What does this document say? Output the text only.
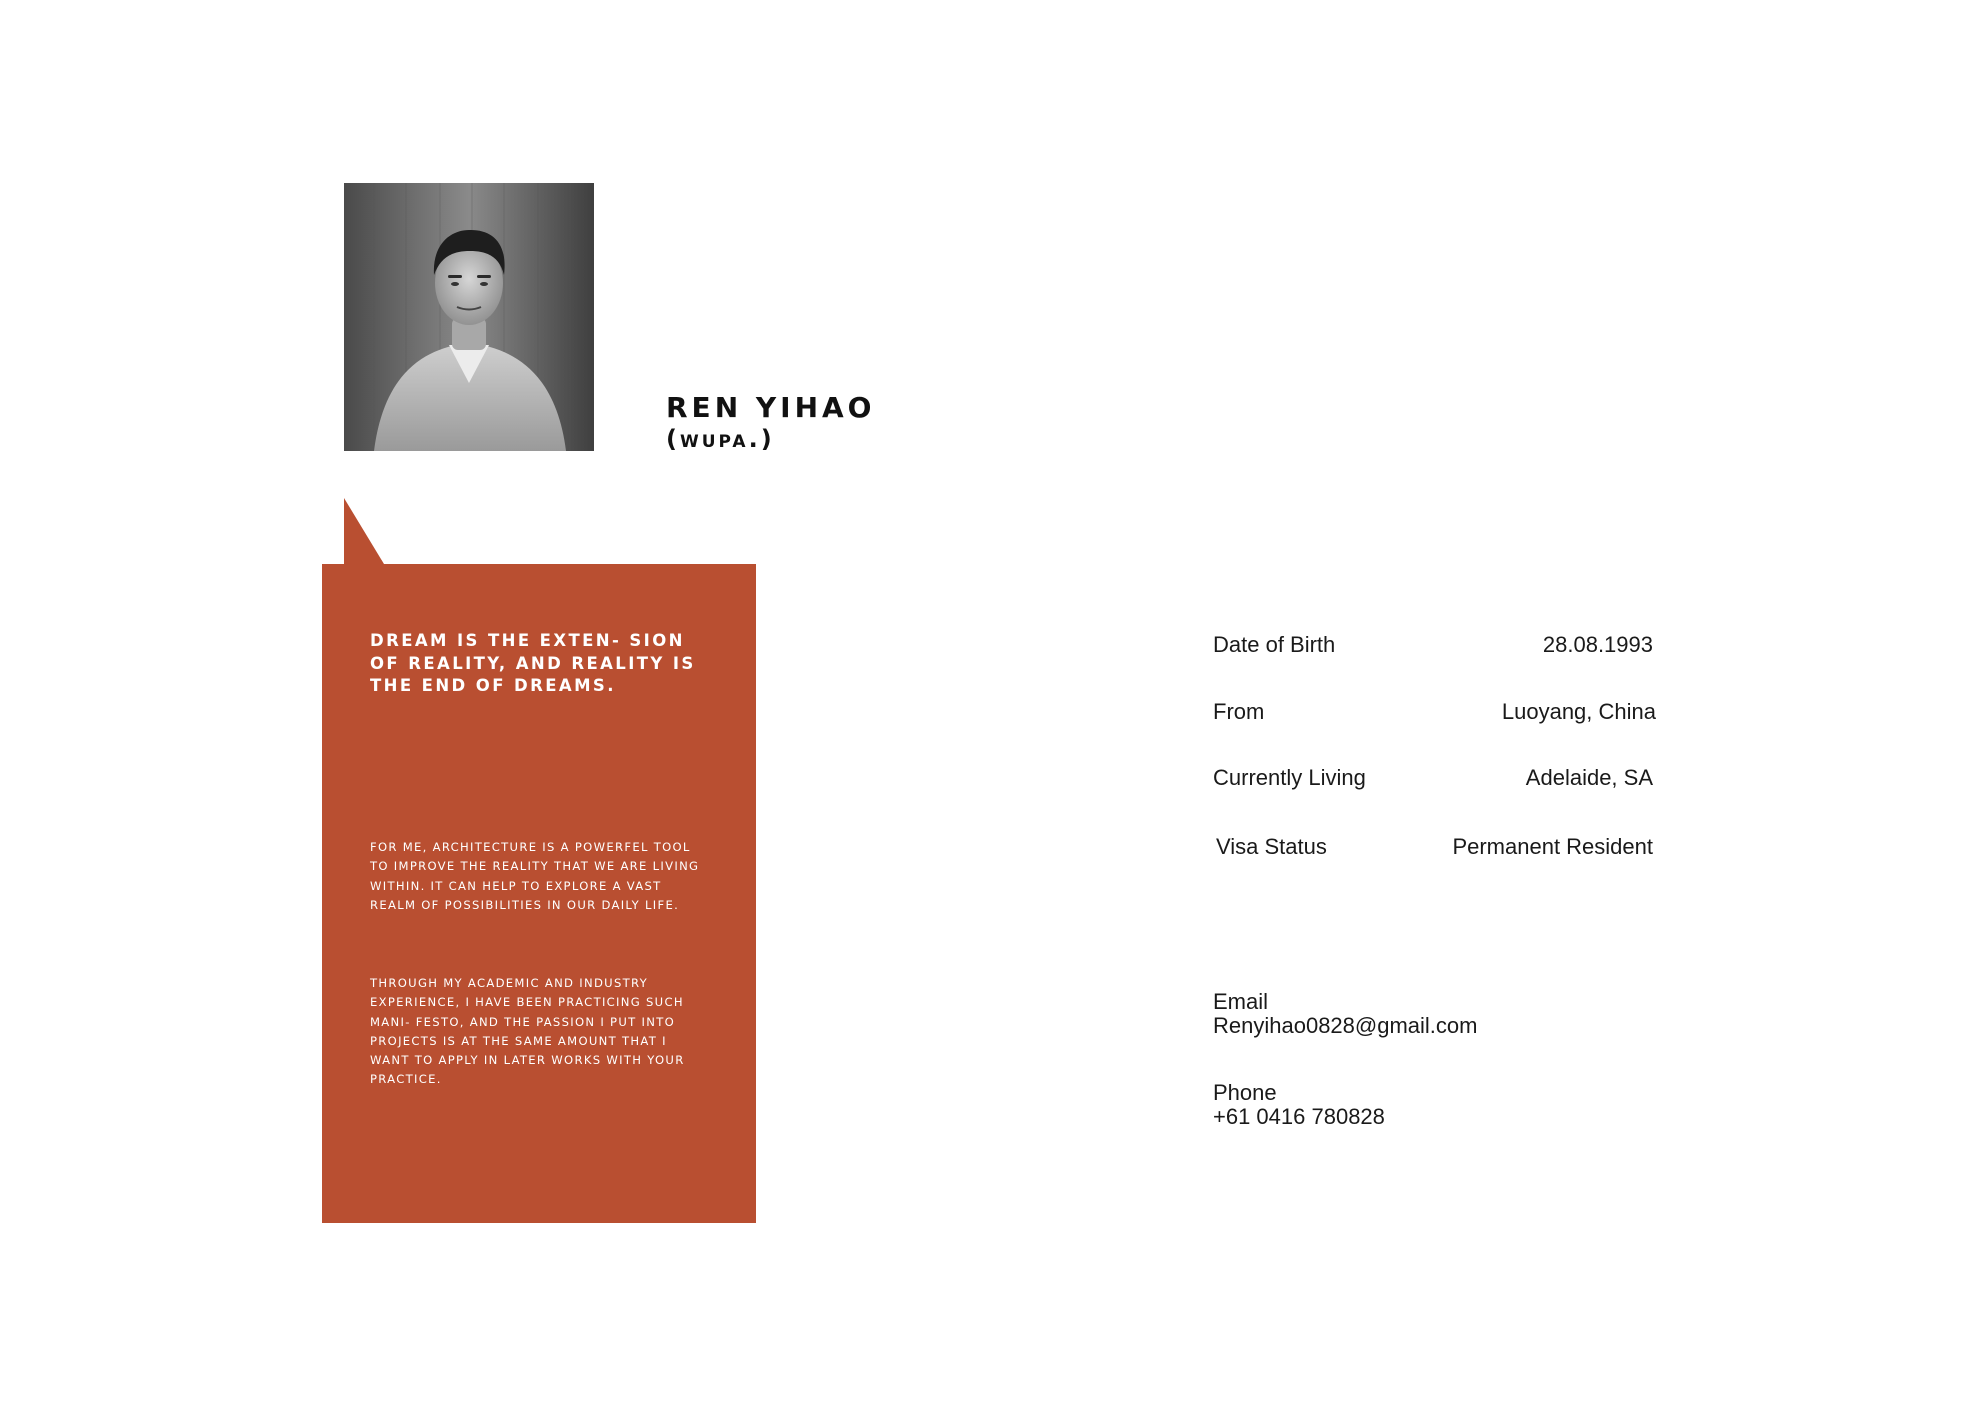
REN YIHAO
(wupa.)

DREAM IS THE EXTEN- SION OF REALITY, AND REALITY IS THE END OF DREAMS.

FOR ME, ARCHITECTURE IS A POWERFEL TOOL TO IMPROVE THE REALITY THAT WE ARE LIVING WITHIN. IT CAN HELP TO EXPLORE A VAST REALM OF POSSIBILITIES IN OUR DAILY LIFE.

THROUGH MY ACADEMIC AND INDUSTRY EXPERIENCE, I HAVE BEEN PRACTICING SUCH MANI- FESTO, AND THE PASSION I PUT INTO PROJECTS IS AT THE SAME AMOUNT THAT I WANT TO APPLY IN LATER WORKS WITH YOUR PRACTICE.

Date of Birth	28.08.1993
From	Luoyang, China
Currently Living	Adelaide, SA
Visa Status	Permanent Resident
Email
Renyihao0828@gmail.com
Phone
+61 0416 780828
